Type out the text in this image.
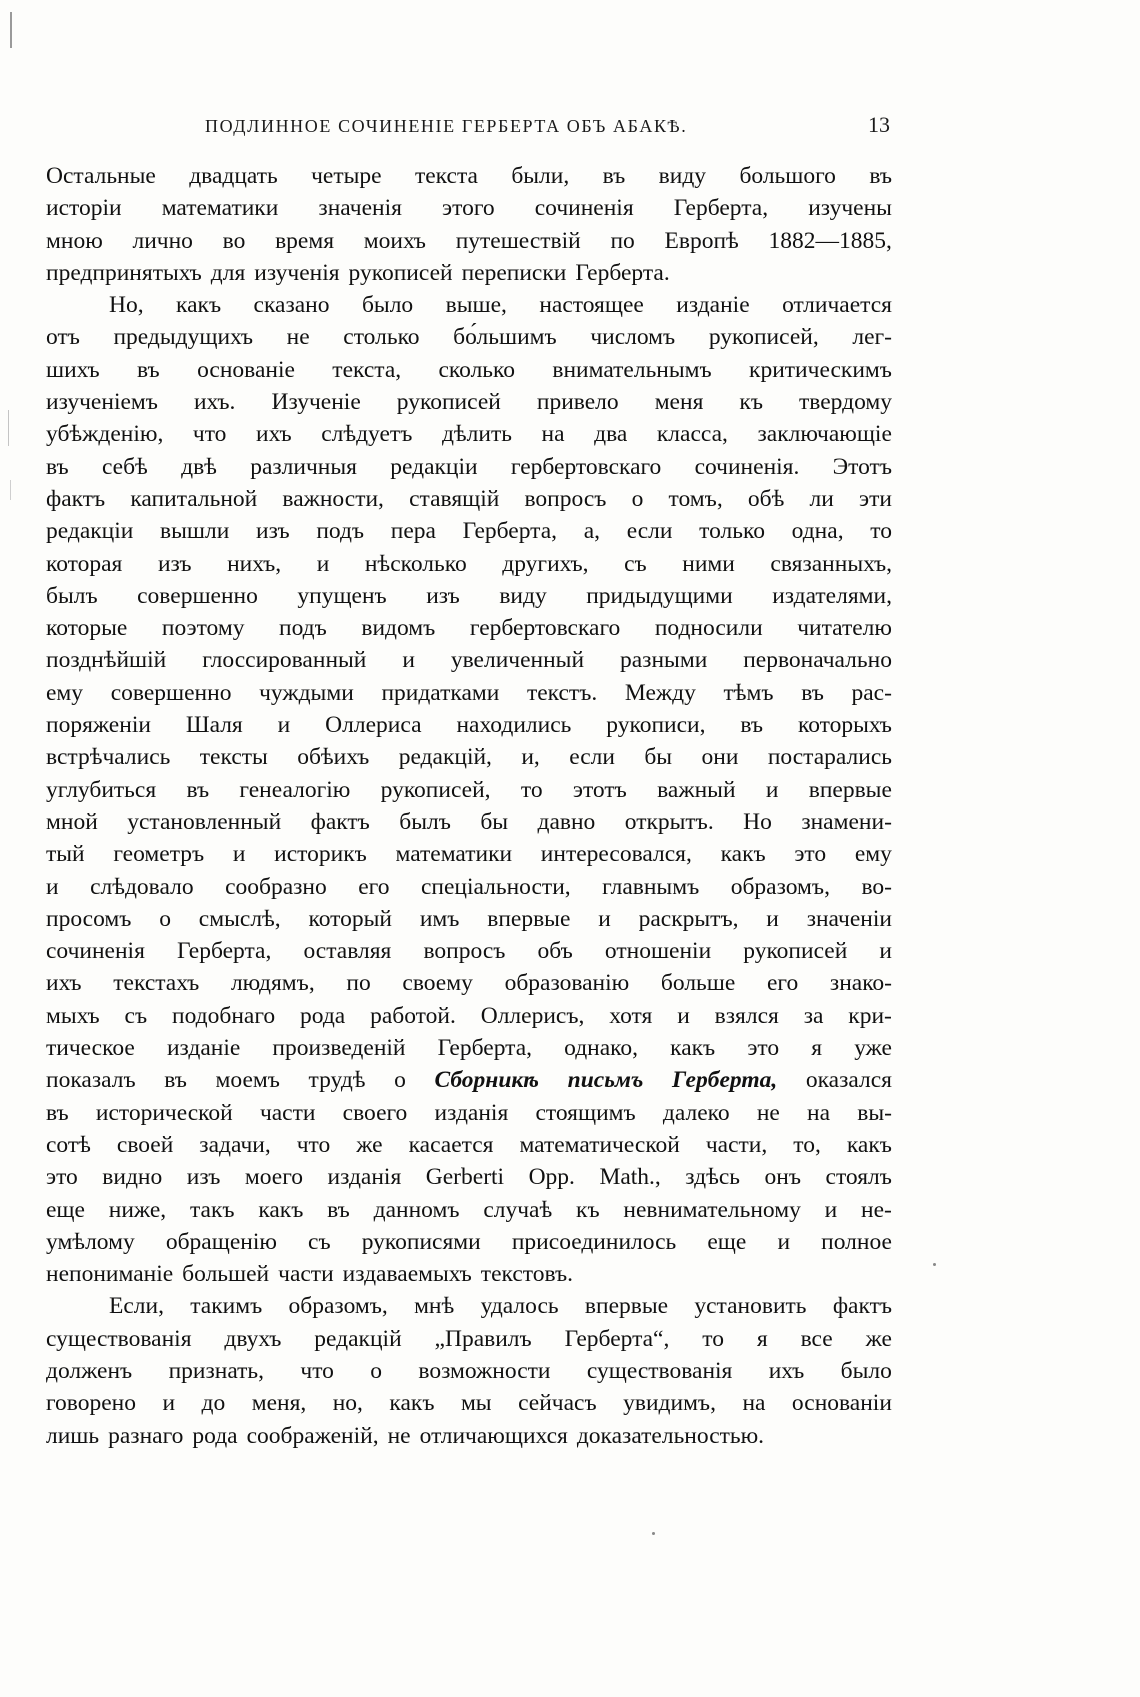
ПОДЛИННОЕ СОЧИНЕНІЕ ГЕРБЕРТА ОБЪ АБАКѢ.	13
Остальные двадцать четыре текста были, въ виду большого въ
исторіи математики значенія этого сочиненія Герберта, изучены
мною лично во время моихъ путешествій по Европѣ 1882—1885,
предпринятыхъ для изученія рукописей переписки Герберта.
Но, какъ сказано было выше, настоящее изданіе отличается
отъ предыдущихъ не столько бо́льшимъ числомъ рукописей, лег-
шихъ въ основаніе текста, сколько внимательнымъ критическимъ
изученіемъ ихъ. Изученіе рукописей привело меня къ твердому
убѣжденію, что ихъ слѣдуетъ дѣлить на два класса, заключающіе
въ себѣ двѣ различныя редакціи гербертовскаго сочиненія. Этотъ
фактъ капитальной важности, ставящій вопросъ о томъ, обѣ ли эти
редакціи вышли изъ подъ пера Герберта, а, если только одна, то
которая изъ нихъ, и нѣсколько другихъ, съ ними связанныхъ,
былъ совершенно упущенъ изъ виду придыдущими издателями,
которые поэтому подъ видомъ гербертовскаго подносили читателю
позднѣйшій глоссированный и увеличенный разными первоначально
ему совершенно чуждыми придатками текстъ. Между тѣмъ въ рас-
поряженіи Шаля и Оллериса находились рукописи, въ которыхъ
встрѣчались тексты обѣихъ редакцій, и, если бы они постарались
углубиться въ генеалогію рукописей, то этотъ важный и впервые
мной установленный фактъ былъ бы давно открытъ. Но знамени-
тый геометръ и историкъ математики интересовался, какъ это ему
и слѣдовало сообразно его спеціальности, главнымъ образомъ, во-
просомъ о смыслѣ, который имъ впервые и раскрытъ, и значеніи
сочиненія Герберта, оставляя вопросъ объ отношеніи рукописей и
ихъ текстахъ людямъ, по своему образованію больше его знако-
мыхъ съ подобнаго рода работой. Оллерисъ, хотя и взялся за кри-
тическое изданіе произведеній Герберта, однако, какъ это я уже
показалъ въ моемъ трудѣ о Сборникѣ письмъ Герберта, оказался
въ исторической части своего изданія стоящимъ далеко не на вы-
сотѣ своей задачи, что же касается математической части, то, какъ
это видно изъ моего изданія Gerberti Opp. Math., здѣсь онъ стоялъ
еще ниже, такъ какъ въ данномъ случаѣ къ невнимательному и не-
умѣлому обращенію съ рукописями присоединилось еще и полное
непониманіе большей части издаваемыхъ текстовъ.
Если, такимъ образомъ, мнѣ удалось впервые установить фактъ
существованія двухъ редакцій „Правилъ Герберта“, то я все же
долженъ признать, что о возможности существованія ихъ было
говорено и до меня, но, какъ мы сейчасъ увидимъ, на основаніи
лишь разнаго рода соображеній, не отличающихся доказательностью.
